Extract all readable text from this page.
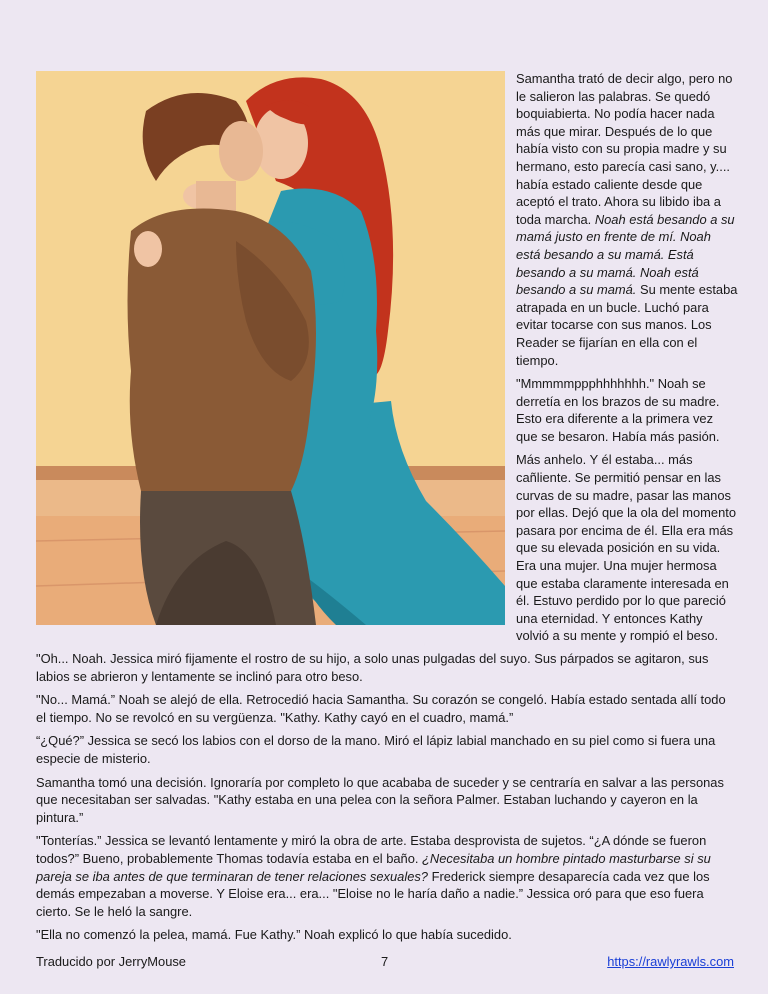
Samantha trató de decir algo, pero no le salieron las palabras. Se quedó boquiabierta. No podía hacer nada más que mirar. Después de lo que había visto con su propia madre y su hermano, esto parecía casi sano, y.... había estado caliente desde que aceptó el trato. Ahora su libido iba a toda marcha. Noah está besando a su mamá justo en frente de mí. Noah está besando a su mamá. Está besando a su mamá. Noah está besando a su mamá. Su mente estaba atrapada en un bucle. Luchó para evitar tocarse con sus manos. Los Reader se fijarían en ella con el tiempo.

"Mmmmmppphhhhhhh." Noah se derretía en los brazos de su madre. Esto era diferente a la primera vez que se besaron. Había más pasión.

Más anhelo. Y él estaba... más cañliente. Se permitió pensar en las curvas de su madre, pasar las manos por ellas. Dejó que la ola del momento pasara por encima de él. Ella era más que su elevada posición en su vida. Era una mujer. Una mujer hermosa que estaba claramente interesada en él. Estuvo perdido por lo que pareció una eternidad. Y entonces Kathy volvió a su mente y rompió el beso.

"Oh... Noah. Jessica miró fijamente el rostro de su hijo, a solo unas pulgadas del suyo. Sus párpados se agitaron, sus labios se abrieron y lentamente se inclinó para otro beso.

"No... Mamá.” Noah se alejó de ella. Retrocedió hacia Samantha. Su corazón se congeló. Había estado sentada allí todo el tiempo. No se revolcó en su vergüenza. "Kathy. Kathy cayó en el cuadro, mamá.”

“¿Qué?” Jessica se secó los labios con el dorso de la mano. Miró el lápiz labial manchado en su piel como si fuera una especie de misterio.

Samantha tomó una decisión. Ignoraría por completo lo que acababa de suceder y se centraría en salvar a las personas que necesitaban ser salvadas. "Kathy estaba en una pelea con la señora Palmer. Estaban luchando y cayeron en la pintura.”

"Tonterías.” Jessica se levantó lentamente y miró la obra de arte. Estaba desprovista de sujetos. “¿A dónde se fueron todos?” Bueno, probablemente Thomas todavía estaba en el baño. ¿Necesitaba un hombre pintado masturbarse si su pareja se iba antes de que terminaran de tener relaciones sexuales? Frederick siempre desaparecía cada vez que los demás empezaban a moverse. Y Eloise era... era... "Eloise no le haría daño a nadie.” Jessica oró para que eso fuera cierto. Se le heló la sangre.

"Ella no comenzó la pelea, mamá. Fue Kathy.” Noah explicó lo que había sucedido.

Traducido por JerryMouse	7	https://rawlyrawls.com
